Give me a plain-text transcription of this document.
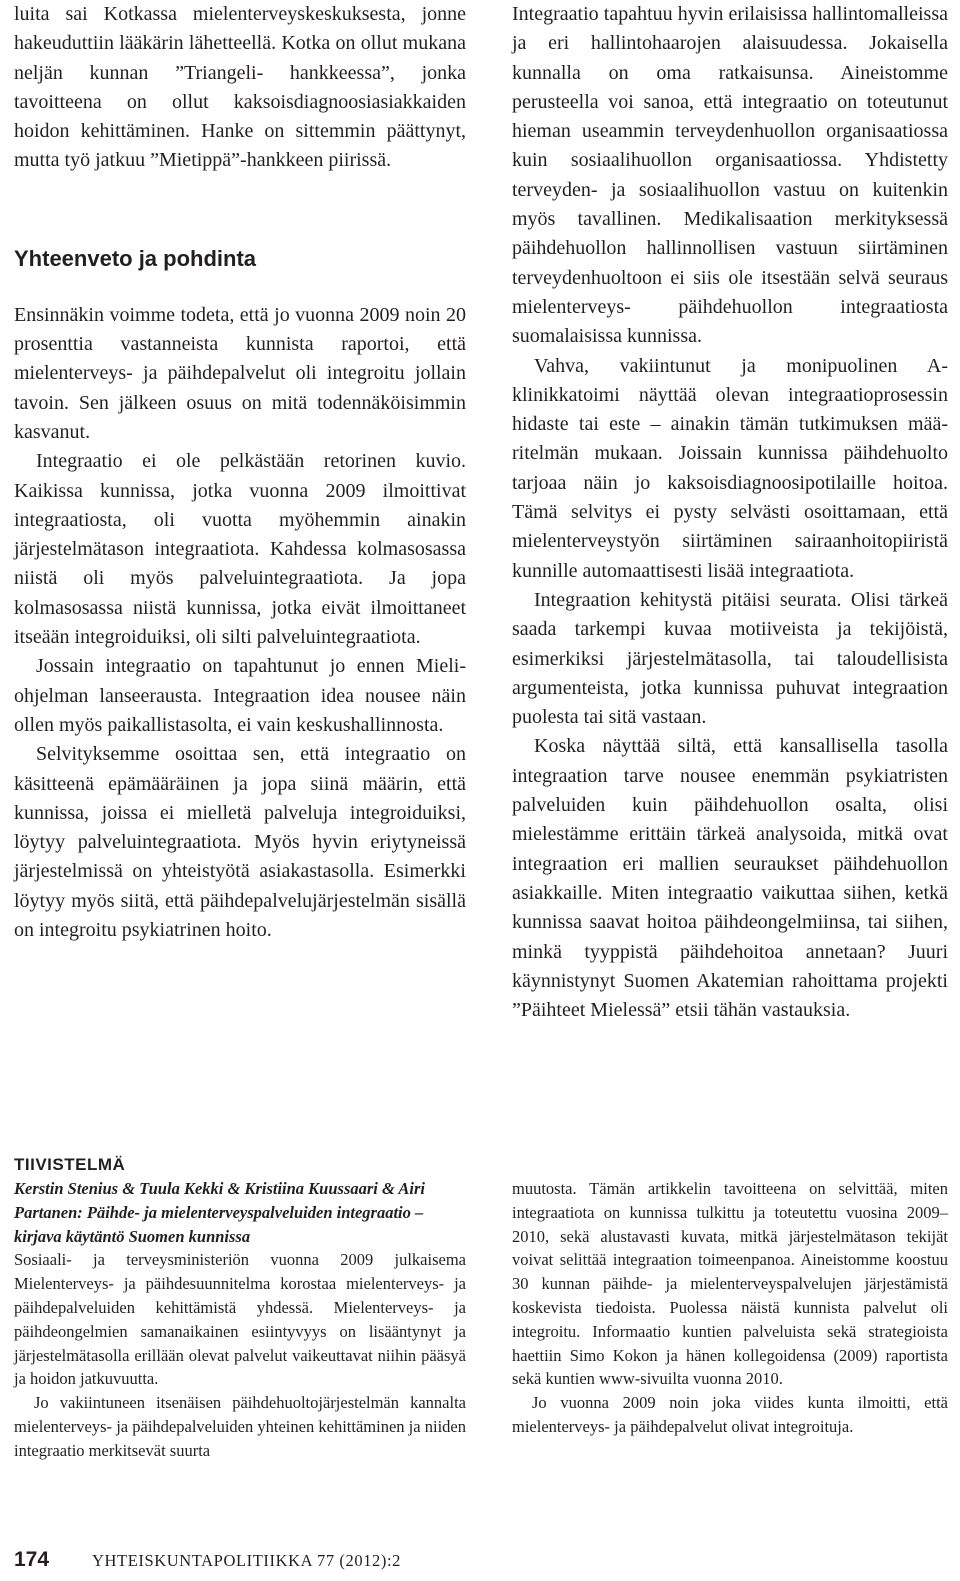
luita sai Kotkassa mielenterveyskeskuksesta, jonne hakeuduttiin lääkärin lähetteellä. Kotka on ollut mukana neljän kunnan ”Triangeli- hankkeessa”, jonka tavoitteena on ollut kaksoisdiagnoosiasiakkaiden hoidon kehittäminen. Hanke on sittemmin päättynyt, mutta työ jatkuu ”Mietippä”-hankkeen piirissä.

Yhteenveto ja pohdinta

Ensinnäkin voimme todeta, että jo vuonna 2009 noin 20 prosenttia vastanneista kunnista raportoi, että mielenterveys- ja päihdepalvelut oli integroitu jollain tavoin. Sen jälkeen osuus on mitä todennäköisimmin kasvanut.

Integraatio ei ole pelkästään retorinen kuvio. Kaikissa kunnissa, jotka vuonna 2009 ilmoittivat integraatiosta, oli vuotta myöhemmin ainakin järjestelmätason integraatiota. Kahdessa kolmasosassa niistä oli myös palveluintegraatiota. Ja jopa kolmasosassa niistä kunnissa, jotka eivät ilmoittaneet itseään integroiduiksi, oli silti palveluintegraatiota.

Jossain integraatio on tapahtunut jo ennen Mieli-ohjelman lanseerausta. Integraation idea nousee näin ollen myös paikallistasolta, ei vain keskushallinnosta.

Selvityksemme osoittaa sen, että integraatio on käsitteenä epämääräinen ja jopa siinä määrin, että kunnissa, joissa ei mielletä palveluja integroiduiksi, löytyy palveluintegraatiota. Myös hyvin eriytyneissä järjestelmissä on yhteistyötä asiakastasolla. Esimerkki löytyy myös siitä, että päihdepalvelujärjestelmän sisällä on integroitu psykiatrinen hoito.

Integraatio tapahtuu hyvin erilaisissa hallintomalleissa ja eri hallintohaarojen alaisuudessa. Jokaisella kunnalla on oma ratkaisunsa. Aineistomme perusteella voi sanoa, että integraatio on toteutunut hieman useammin terveydenhuollon organisaatiossa kuin sosiaalihuollon organisaatiossa. Yhdistetty terveyden- ja sosiaalihuollon vastuu on kuitenkin myös tavallinen. Medikalisaation merkityksessä päihdehuollon hallinnollisen vastuun siirtäminen terveydenhuoltoon ei siis ole itsestään selvä seuraus mielenterveys- päihdehuollon integraatiosta suomalaisissa kunnissa.

Vahva, vakiintunut ja monipuolinen A-klinikkatoimi näyttää olevan integraatioprosessin hidaste tai este – ainakin tämän tutkimuksen määritelmän mukaan. Joissain kunnissa päihdehuolto tarjoaa näin jo kaksoisdiagnoosipotilaille hoitoa. Tämä selvitys ei pysty selvästi osoittamaan, että mielenterveystyön siirtäminen sairaanhoitopiiristä kunnille automaattisesti lisää integraatiota.

Integraation kehitystä pitäisi seurata. Olisi tärkeä saada tarkempi kuvaa motiiveista ja tekijöistä, esimerkiksi järjestelmätasolla, tai taloudellisista argumenteista, jotka kunnissa puhuvat integraation puolesta tai sitä vastaan.

Koska näyttää siltä, että kansallisella tasolla integraation tarve nousee enemmän psykiatristen palveluiden kuin päihdehuollon osalta, olisi mielestämme erittäin tärkeä analysoida, mitkä ovat integraation eri mallien seuraukset päihdehuollon asiakkaille. Miten integraatio vaikuttaa siihen, ketkä kunnissa saavat hoitoa päihdeongelmiinsa, tai siihen, minkä tyyppistä päihdehoitoa annetaan? Juuri käynnistynyt Suomen Akatemian rahoittama projekti ”Päihteet Mielessä” etsii tähän vastauksia.

TIIVISTELMÄ

Kerstin Stenius & Tuula Kekki & Kristiina Kuussaari & Airi Partanen: Päihde- ja mielenterveyspalveluiden integraatio – kirjava käytäntö Suomen kunnissa

Sosiaali- ja terveysministeriön vuonna 2009 julkaisema Mielenterveys- ja päihdesuunnitelma korostaa mielenterveys- ja päihdepalveluiden kehittämistä yhdessä. Mielenterveys- ja päihdeongelmien samanaikainen esiintyvyys on lisääntynyt ja järjestelmätasolla erillään olevat palvelut vaikeuttavat niihin pääsyä ja hoidon jatkuvuutta.

Jo vakiintuneen itsenäisen päihdehuoltojärjestelmän kannalta mielenterveys- ja päihdepalveluiden yhteinen kehittäminen ja niiden integraatio merkitsevät suurta

muutosta. Tämän artikkelin tavoitteena on selvittää, miten integraatiota on kunnissa tulkittu ja toteutettu vuosina 2009–2010, sekä alustavasti kuvata, mitkä järjestelmätason tekijät voivat selittää integraation toimeenpanoa. Aineistomme koostuu 30 kunnan päihde- ja mielenterveyspalvelujen järjestämistä koskevista tiedoista. Puolessa näistä kunnista palvelut oli integroitu. Informaatio kuntien palveluista sekä strategioista haettiin Simo Kokon ja hänen kollegoidensa (2009) raportista sekä kuntien www-sivuilta vuonna 2010.

Jo vuonna 2009 noin joka viides kunta ilmoitti, että mielenterveys- ja päihdepalvelut olivat integroituja.

174	YHTEISKUNTAPOLITIIKKA 77 (2012):2
